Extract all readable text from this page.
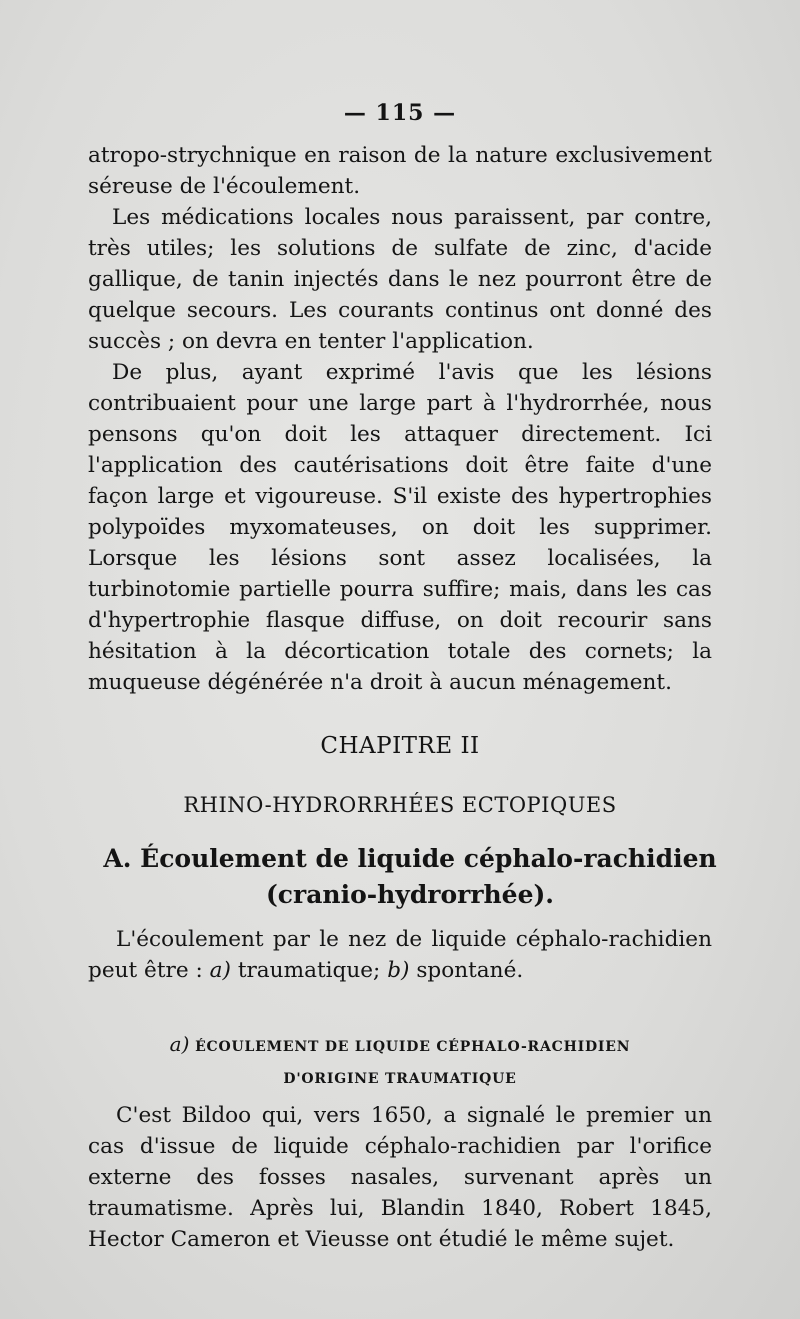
— 115 —

atropo-strychnique en raison de la nature exclusivement séreuse de l'écoulement.

Les médications locales nous paraissent, par contre, très utiles; les solutions de sulfate de zinc, d'acide gallique, de tanin injectés dans le nez pourront être de quelque secours. Les courants continus ont donné des succès ; on devra en tenter l'application.

De plus, ayant exprimé l'avis que les lésions contribuaient pour une large part à l'hydrorrhée, nous pensons qu'on doit les attaquer directement. Ici l'application des cautérisations doit être faite d'une façon large et vigoureuse. S'il existe des hypertrophies polypoïdes myxomateuses, on doit les supprimer. Lorsque les lésions sont assez localisées, la turbinotomie partielle pourra suffire; mais, dans les cas d'hypertrophie flasque diffuse, on doit recourir sans hésitation à la décortication totale des cornets; la muqueuse dégénérée n'a droit à aucun ménagement.

CHAPITRE II
RHINO-HYDRORRHÉES ECTOPIQUES
A. Écoulement de liquide céphalo-rachidien
(cranio-hydrorrhée).

L'écoulement par le nez de liquide céphalo-rachidien peut être : a) traumatique; b) spontané.

a) ÉCOULEMENT DE LIQUIDE CÉPHALO-RACHIDIEN
D'ORIGINE TRAUMATIQUE

C'est Bildoo qui, vers 1650, a signalé le premier un cas d'issue de liquide céphalo-rachidien par l'orifice externe des fosses nasales, survenant après un traumatisme. Après lui, Blandin 1840, Robert 1845, Hector Cameron et Vieusse ont étudié le même sujet.
